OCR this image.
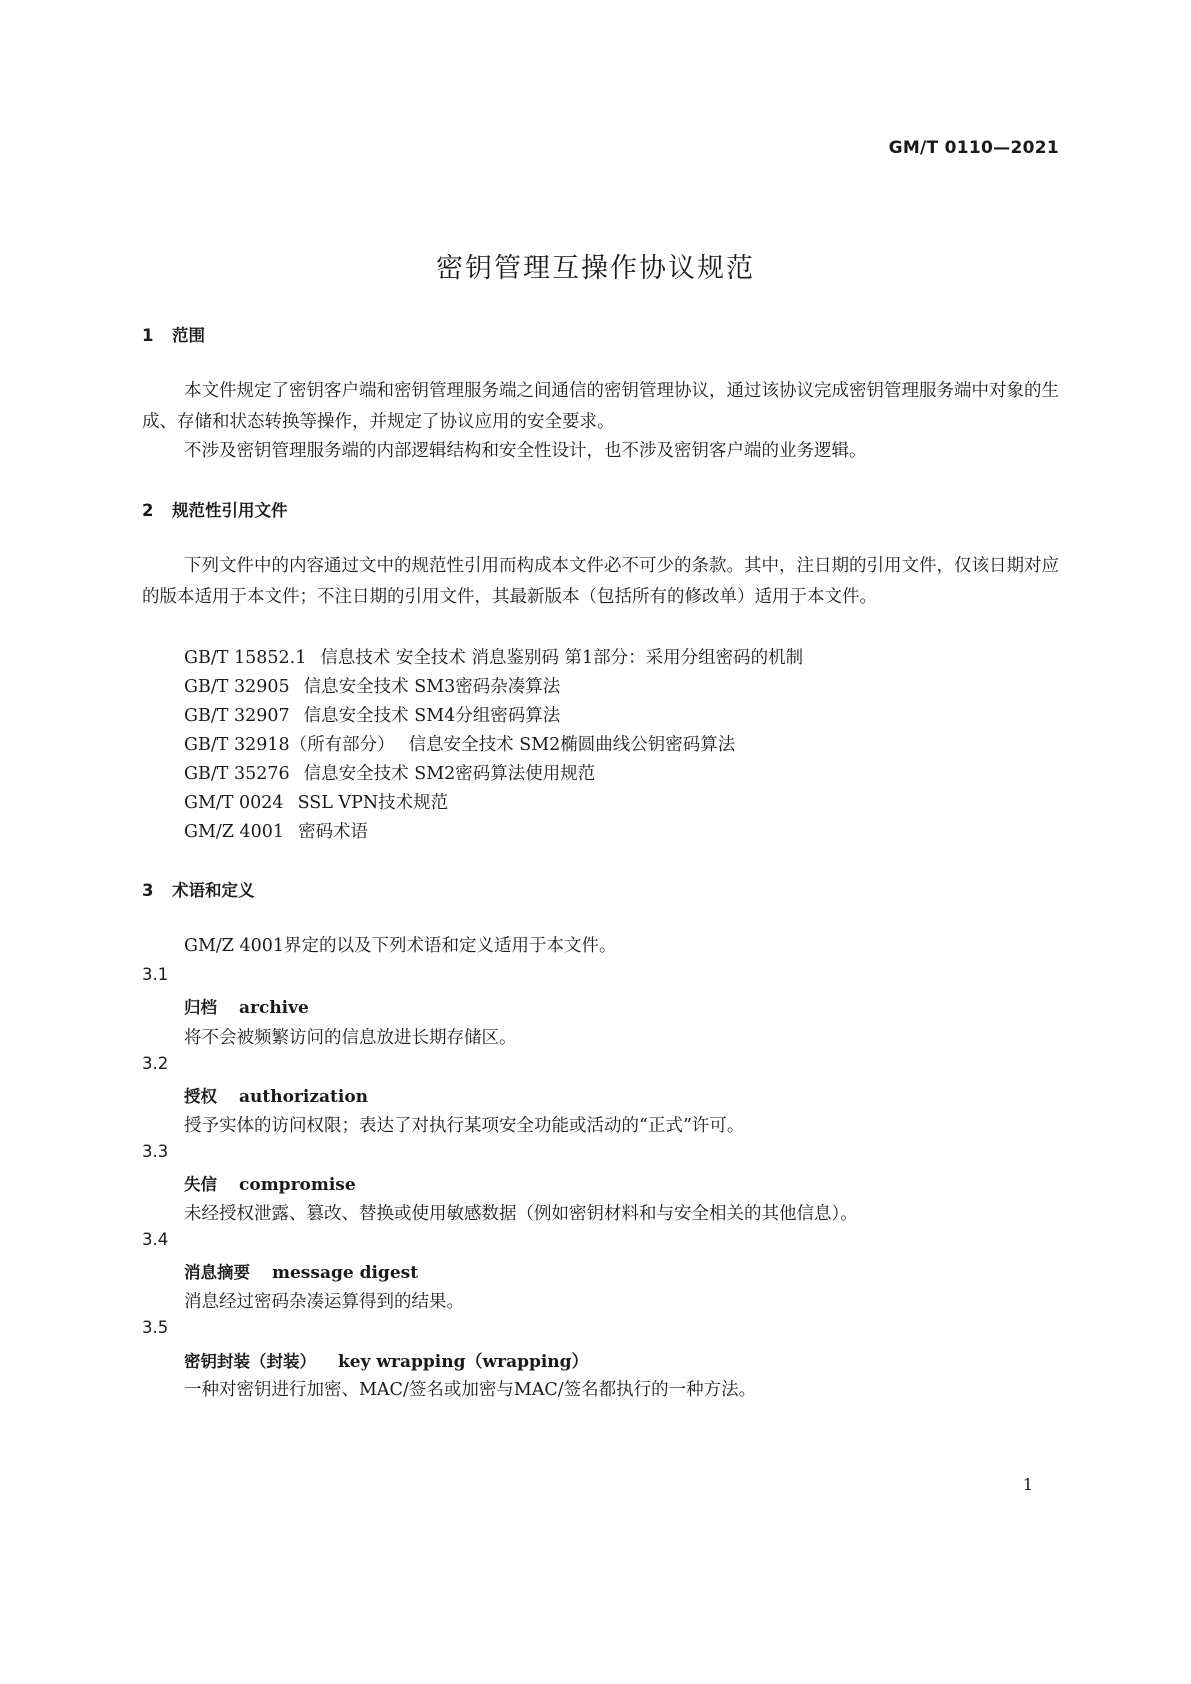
GM/T 0110—2021
密钥管理互操作协议规范
1 范围
本文件规定了密钥客户端和密钥管理服务端之间通信的密钥管理协议，通过该协议完成密钥管理服务端中对象的生成、存储和状态转换等操作，并规定了协议应用的安全要求。
不涉及密钥管理服务端的内部逻辑结构和安全性设计，也不涉及密钥客户端的业务逻辑。
2 规范性引用文件
下列文件中的内容通过文中的规范性引用而构成本文件必不可少的条款。其中，注日期的引用文件，仅该日期对应的版本适用于本文件；不注日期的引用文件，其最新版本（包括所有的修改单）适用于本文件。
GB/T 15852.1 信息技术 安全技术 消息鉴别码 第1部分：采用分组密码的机制
GB/T 32905 信息安全技术 SM3密码杂凑算法
GB/T 32907 信息安全技术 SM4分组密码算法
GB/T 32918（所有部分） 信息安全技术 SM2椭圆曲线公钥密码算法
GB/T 35276 信息安全技术 SM2密码算法使用规范
GM/T 0024 SSL VPN技术规范
GM/Z 4001 密码术语
3 术语和定义
GM/Z 4001界定的以及下列术语和定义适用于本文件。
3.1
归档 archive
将不会被频繁访问的信息放进长期存储区。
3.2
授权 authorization
授予实体的访问权限；表达了对执行某项安全功能或活动的“正式”许可。
3.3
失信 compromise
未经授权泄露、篡改、替换或使用敏感数据（例如密钥材料和与安全相关的其他信息）。
3.4
消息摘要 message digest
消息经过密码杂凑运算得到的结果。
3.5
密钥封装（封装） key wrapping（wrapping）
一种对密钥进行加密、MAC/签名或加密与MAC/签名都执行的一种方法。
1
